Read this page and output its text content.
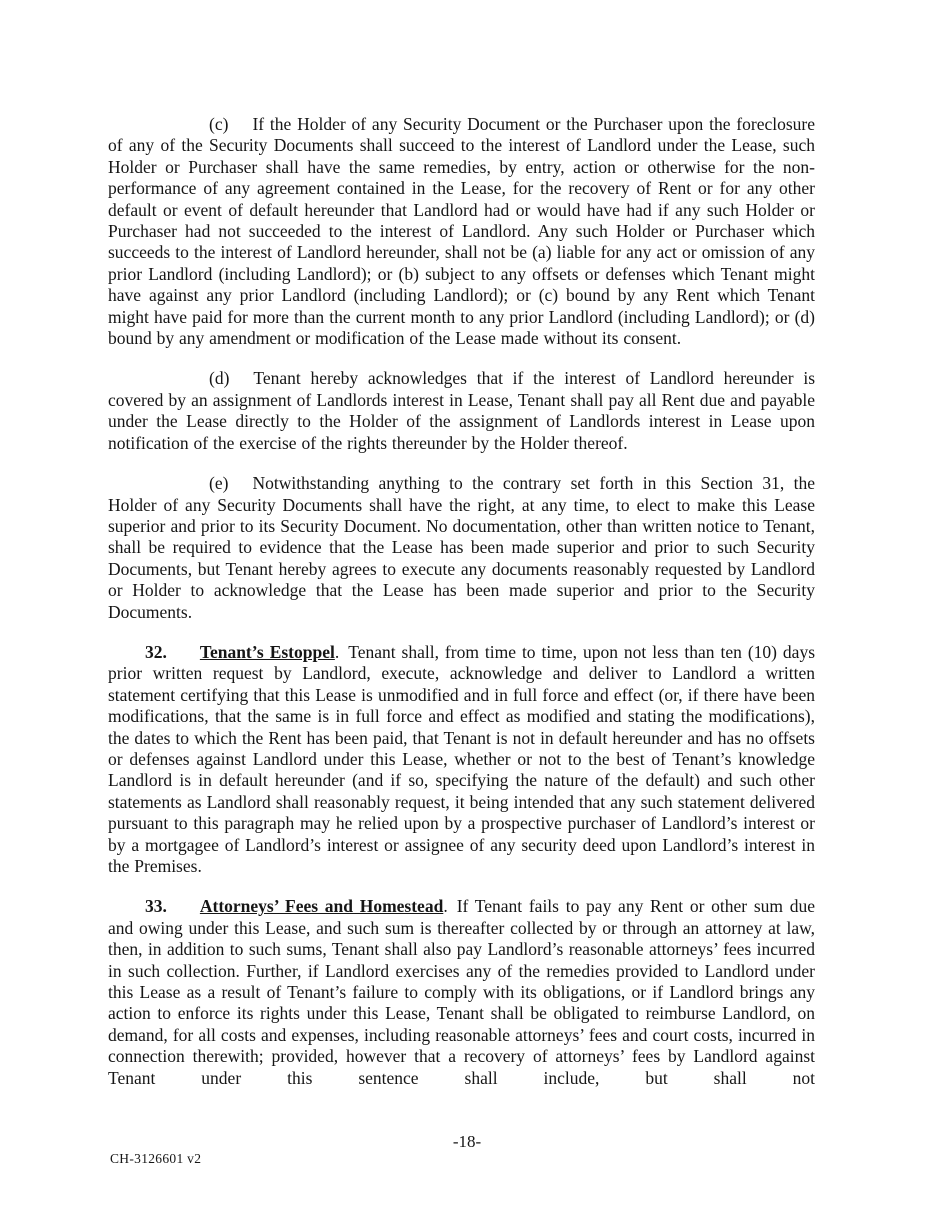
(c) If the Holder of any Security Document or the Purchaser upon the foreclosure of any of the Security Documents shall succeed to the interest of Landlord under the Lease, such Holder or Purchaser shall have the same remedies, by entry, action or otherwise for the non-performance of any agreement contained in the Lease, for the recovery of Rent or for any other default or event of default hereunder that Landlord had or would have had if any such Holder or Purchaser had not succeeded to the interest of Landlord. Any such Holder or Purchaser which succeeds to the interest of Landlord hereunder, shall not be (a) liable for any act or omission of any prior Landlord (including Landlord); or (b) subject to any offsets or defenses which Tenant might have against any prior Landlord (including Landlord); or (c) bound by any Rent which Tenant might have paid for more than the current month to any prior Landlord (including Landlord); or (d) bound by any amendment or modification of the Lease made without its consent.

(d) Tenant hereby acknowledges that if the interest of Landlord hereunder is covered by an assignment of Landlords interest in Lease, Tenant shall pay all Rent due and payable under the Lease directly to the Holder of the assignment of Landlords interest in Lease upon notification of the exercise of the rights thereunder by the Holder thereof.

(e) Notwithstanding anything to the contrary set forth in this Section 31, the Holder of any Security Documents shall have the right, at any time, to elect to make this Lease superior and prior to its Security Document. No documentation, other than written notice to Tenant, shall be required to evidence that the Lease has been made superior and prior to such Security Documents, but Tenant hereby agrees to execute any documents reasonably requested by Landlord or Holder to acknowledge that the Lease has been made superior and prior to the Security Documents.

32. Tenant’s Estoppel. Tenant shall, from time to time, upon not less than ten (10) days prior written request by Landlord, execute, acknowledge and deliver to Landlord a written statement certifying that this Lease is unmodified and in full force and effect (or, if there have been modifications, that the same is in full force and effect as modified and stating the modifications), the dates to which the Rent has been paid, that Tenant is not in default hereunder and has no offsets or defenses against Landlord under this Lease, whether or not to the best of Tenant’s knowledge Landlord is in default hereunder (and if so, specifying the nature of the default) and such other statements as Landlord shall reasonably request, it being intended that any such statement delivered pursuant to this paragraph may he relied upon by a prospective purchaser of Landlord’s interest or by a mortgagee of Landlord’s interest or assignee of any security deed upon Landlord’s interest in the Premises.

33. Attorneys’ Fees and Homestead. If Tenant fails to pay any Rent or other sum due and owing under this Lease, and such sum is thereafter collected by or through an attorney at law, then, in addition to such sums, Tenant shall also pay Landlord’s reasonable attorneys’ fees incurred in such collection. Further, if Landlord exercises any of the remedies provided to Landlord under this Lease as a result of Tenant’s failure to comply with its obligations, or if Landlord brings any action to enforce its rights under this Lease, Tenant shall be obligated to reimburse Landlord, on demand, for all costs and expenses, including reasonable attorneys’ fees and court costs, incurred in connection therewith; provided, however that a recovery of attorneys’ fees by Landlord against Tenant under this sentence shall include, but shall not

-18-
CH-3126601 v2
